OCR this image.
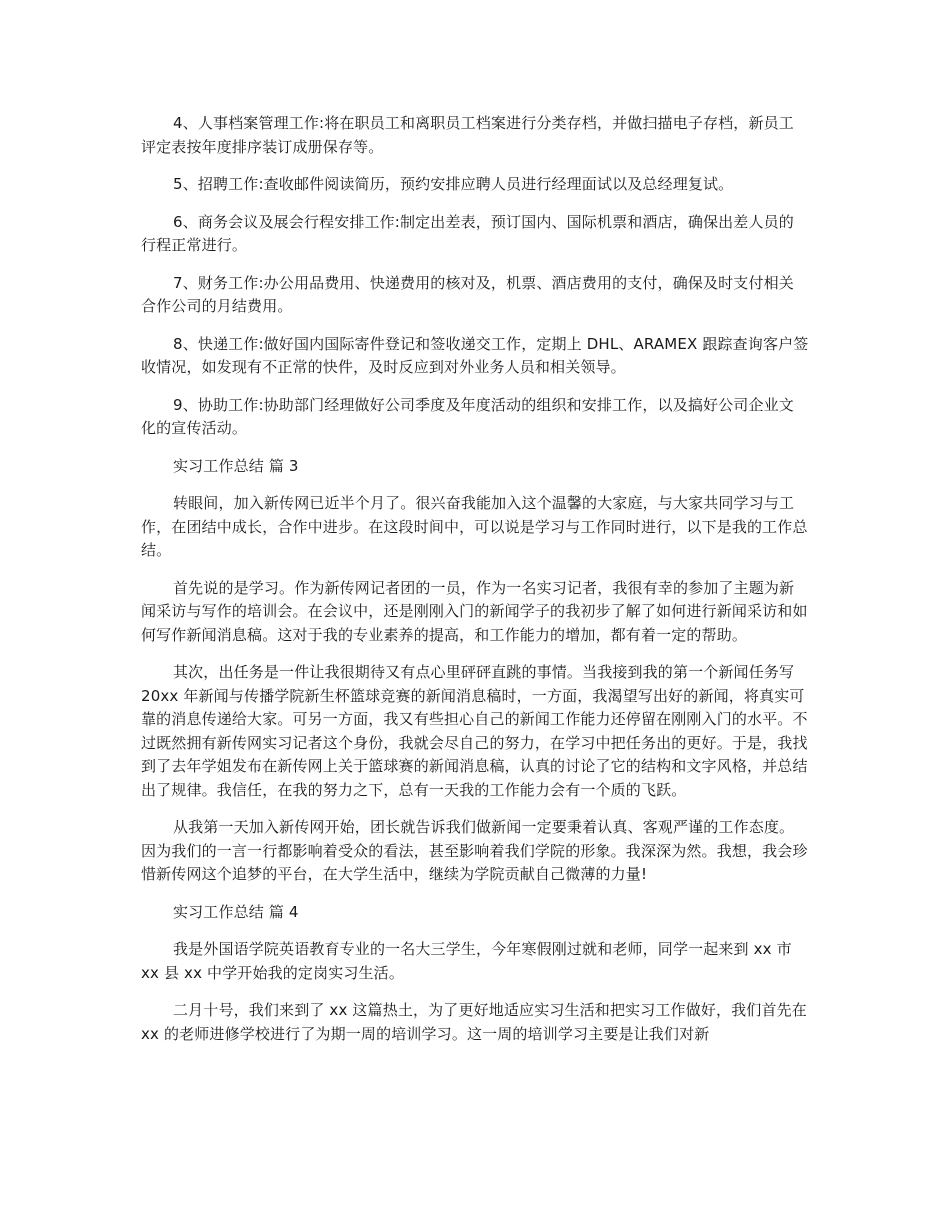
4、人事档案管理工作:将在职员工和离职员工档案进行分类存档，并做扫描电子存档，新员工评定表按年度排序装订成册保存等。

5、招聘工作:查收邮件阅读简历，预约安排应聘人员进行经理面试以及总经理复试。

6、商务会议及展会行程安排工作:制定出差表，预订国内、国际机票和酒店，确保出差人员的行程正常进行。

7、财务工作:办公用品费用、快递费用的核对及，机票、酒店费用的支付，确保及时支付相关合作公司的月结费用。

8、快递工作:做好国内国际寄件登记和签收递交工作，定期上 DHL、ARAMEX 跟踪查询客户签收情况，如发现有不正常的快件，及时反应到对外业务人员和相关领导。

9、协助工作:协助部门经理做好公司季度及年度活动的组织和安排工作，以及搞好公司企业文化的宣传活动。

实习工作总结 篇 3

转眼间，加入新传网已近半个月了。很兴奋我能加入这个温馨的大家庭，与大家共同学习与工作，在团结中成长，合作中进步。在这段时间中，可以说是学习与工作同时进行，以下是我的工作总结。

首先说的是学习。作为新传网记者团的一员，作为一名实习记者，我很有幸的参加了主题为新闻采访与写作的培训会。在会议中，还是刚刚入门的新闻学子的我初步了解了如何进行新闻采访和如何写作新闻消息稿。这对于我的专业素养的提高，和工作能力的增加，都有着一定的帮助。

其次，出任务是一件让我很期待又有点心里砰砰直跳的事情。当我接到我的第一个新闻任务写 20xx 年新闻与传播学院新生杯篮球竞赛的新闻消息稿时，一方面，我渴望写出好的新闻，将真实可靠的消息传递给大家。可另一方面，我又有些担心自己的新闻工作能力还停留在刚刚入门的水平。不过既然拥有新传网实习记者这个身份，我就会尽自己的努力，在学习中把任务出的更好。于是，我找到了去年学姐发布在新传网上关于篮球赛的新闻消息稿，认真的讨论了它的结构和文字风格，并总结出了规律。我信任，在我的努力之下，总有一天我的工作能力会有一个质的飞跃。

从我第一天加入新传网开始，团长就告诉我们做新闻一定要秉着认真、客观严谨的工作态度。因为我们的一言一行都影响着受众的看法，甚至影响着我们学院的形象。我深深为然。我想，我会珍惜新传网这个追梦的平台，在大学生活中，继续为学院贡献自己微薄的力量!

实习工作总结 篇 4

我是外国语学院英语教育专业的一名大三学生，今年寒假刚过就和老师，同学一起来到 xx 市 xx 县 xx 中学开始我的定岗实习生活。

二月十号，我们来到了 xx 这篇热土，为了更好地适应实习生活和把实习工作做好，我们首先在 xx 的老师进修学校进行了为期一周的培训学习。这一周的培训学习主要是让我们对新
